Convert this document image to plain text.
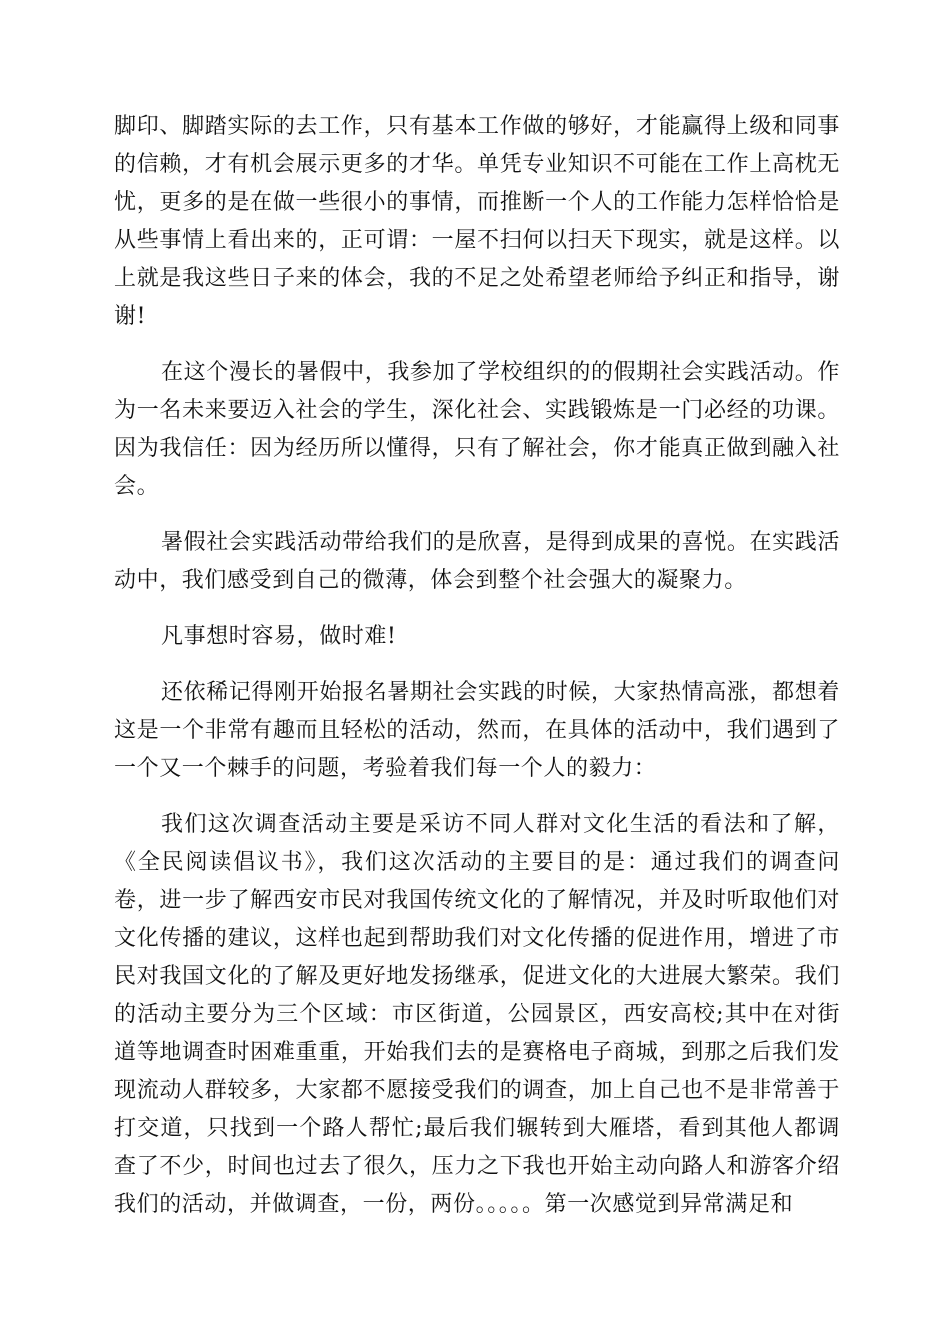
脚印、脚踏实际的去工作，只有基本工作做的够好，才能赢得上级和同事的信赖，才有机会展示更多的才华。单凭专业知识不可能在工作上高枕无忧，更多的是在做一些很小的事情，而推断一个人的工作能力怎样恰恰是从些事情上看出来的，正可谓：一屋不扫何以扫天下现实，就是这样。以上就是我这些日子来的体会，我的不足之处希望老师给予纠正和指导，谢谢!

在这个漫长的暑假中，我参加了学校组织的的假期社会实践活动。作为一名未来要迈入社会的学生，深化社会、实践锻炼是一门必经的功课。因为我信任：因为经历所以懂得，只有了解社会，你才能真正做到融入社会。

暑假社会实践活动带给我们的是欣喜，是得到成果的喜悦。在实践活动中，我们感受到自己的微薄，体会到整个社会强大的凝聚力。

凡事想时容易，做时难!

还依稀记得刚开始报名暑期社会实践的时候，大家热情高涨，都想着这是一个非常有趣而且轻松的活动，然而，在具体的活动中，我们遇到了一个又一个棘手的问题，考验着我们每一个人的毅力：

我们这次调查活动主要是采访不同人群对文化生活的看法和了解，《全民阅读倡议书》，我们这次活动的主要目的是：通过我们的调查问卷，进一步了解西安市民对我国传统文化的了解情况，并及时听取他们对文化传播的建议，这样也起到帮助我们对文化传播的促进作用，增进了市民对我国文化的了解及更好地发扬继承，促进文化的大进展大繁荣。我们的活动主要分为三个区域：市区街道，公园景区，西安高校;其中在对街道等地调查时困难重重，开始我们去的是赛格电子商城，到那之后我们发现流动人群较多，大家都不愿接受我们的调查，加上自己也不是非常善于打交道，只找到一个路人帮忙;最后我们辗转到大雁塔，看到其他人都调查了不少，时间也过去了很久，压力之下我也开始主动向路人和游客介绍我们的活动，并做调查，一份，两份。。。。。第一次感觉到异常满足和
